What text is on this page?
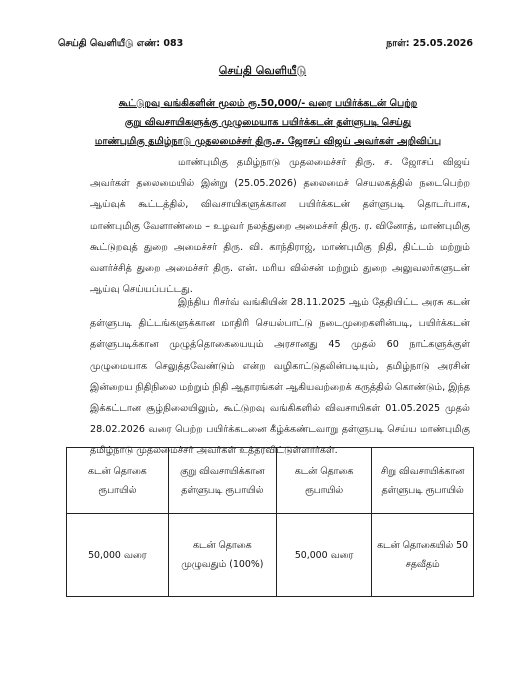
செய்தி வெளியீடு எண்: 083	நாள்: 25.05.2026
செய்தி வெளியீடு
கூட்டுறவு வங்கிகளின் மூலம் ரூ.50,000/- வரை பயிர்க்கடன் பெற்ற
குறு விவசாயிகளுக்கு முழுமையாக பயிர்க்கடன் தள்ளுபடி செய்து
மாண்புமிகு தமிழ்நாடு முதலமைச்சர் திரு.ச. ஜோசப் விஜய் அவர்கள் அறிவிப்பு

மாண்புமிகு தமிழ்நாடு முதலமைச்சர் திரு. ச. ஜோசப் விஜய் அவர்கள் தலைமையில் இன்று (25.05.2026) தலைமைச் செயலகத்தில் நடைபெற்ற ஆய்வுக் கூட்டத்தில், விவசாயிகளுக்கான பயிர்க்கடன் தள்ளுபடி தொடர்பாக, மாண்புமிகு வேளாண்மை – உழவர் நலத்துறை அமைச்சர் திரு. ர. வினோத், மாண்புமிகு கூட்டுறவுத் துறை அமைச்சர் திரு. வி. காந்திராஜ், மாண்புமிகு நிதி, திட்டம் மற்றும் வளர்ச்சித் துறை அமைச்சர் திரு. என். மரிய வில்சன் மற்றும் துறை அலுவலர்களுடன் ஆய்வு செய்யப்பட்டது.

இந்திய ரிசர்வ் வங்கியின் 28.11.2025 ஆம் தேதியிட்ட அரசு கடன் தள்ளுபடி திட்டங்களுக்கான மாதிரி செயல்பாட்டு நடைமுறைகளின்படி, பயிர்க்கடன் தள்ளுபடிக்கான முழுத்தொகையையும் அரசானது 45 முதல் 60 நாட்களுக்குள் முழுமையாக செலுத்தவேண்டும் என்ற வழிகாட்டுதலின்படியும், தமிழ்நாடு அரசின் இன்றைய நிதிநிலை மற்றும் நிதி ஆதாரங்கள் ஆகியவற்றைக் கருத்தில் கொண்டும், இந்த இக்கட்டான சூழ்நிலையிலும், கூட்டுறவு வங்கிகளில் விவசாயிகள் 01.05.2025 முதல் 28.02.2026 வரை பெற்ற பயிர்க்கடனை கீழ்க்கண்டவாறு தள்ளுபடி செய்ய மாண்புமிகு தமிழ்நாடு முதலமைச்சர் அவர்கள் உத்தரவிட்டுள்ளார்கள்.

கடன் தொகை ரூபாயில்	குறு விவசாயிக்கான தள்ளுபடி ரூபாயில்	கடன் தொகை ரூபாயில்	சிறு விவசாயிக்கான தள்ளுபடி ரூபாயில்
50,000 வரை	கடன் தொகை முழுவதும் (100%)	50,000 வரை	கடன் தொகையில் 50 சதவீதம்
